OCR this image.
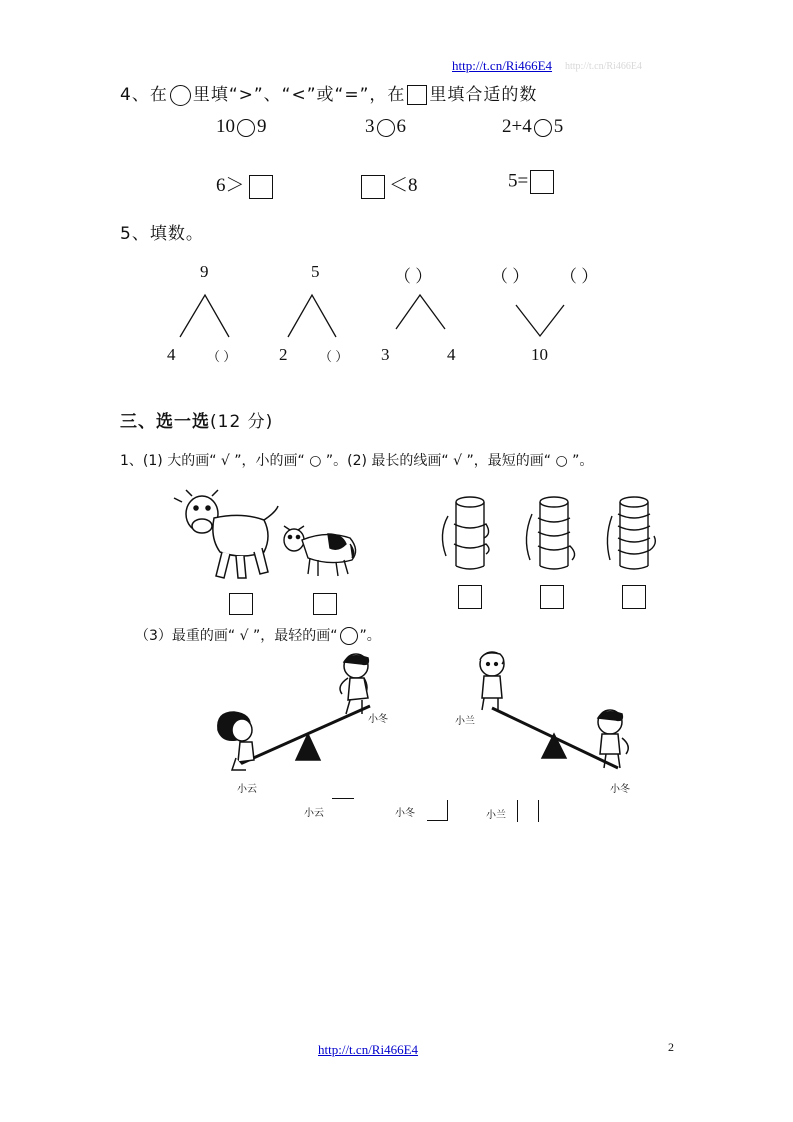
http://t.cn/Ri466E4 http://t.cn/Ri466E4
4、在 里填“>”、“<”或“=”，在 里填合适的数
10 9	3 6	2+4 5
6＞	＜8	5=
5、填数。
9
4 （ ）
5
2 （ ）
（ ）
3	4
（ ） （ ）
10
三、选一选(12 分)
1、(1) 大的画“ √ ”，小的画“ ○ ”。(2) 最长的线画“ √ ”，最短的画“ ○ ”。
（3）最重的画“ √ ”，最轻的画“ ”。
小冬
小云
小兰
小冬
小云	小冬	小兰
http://t.cn/Ri466E4	2
